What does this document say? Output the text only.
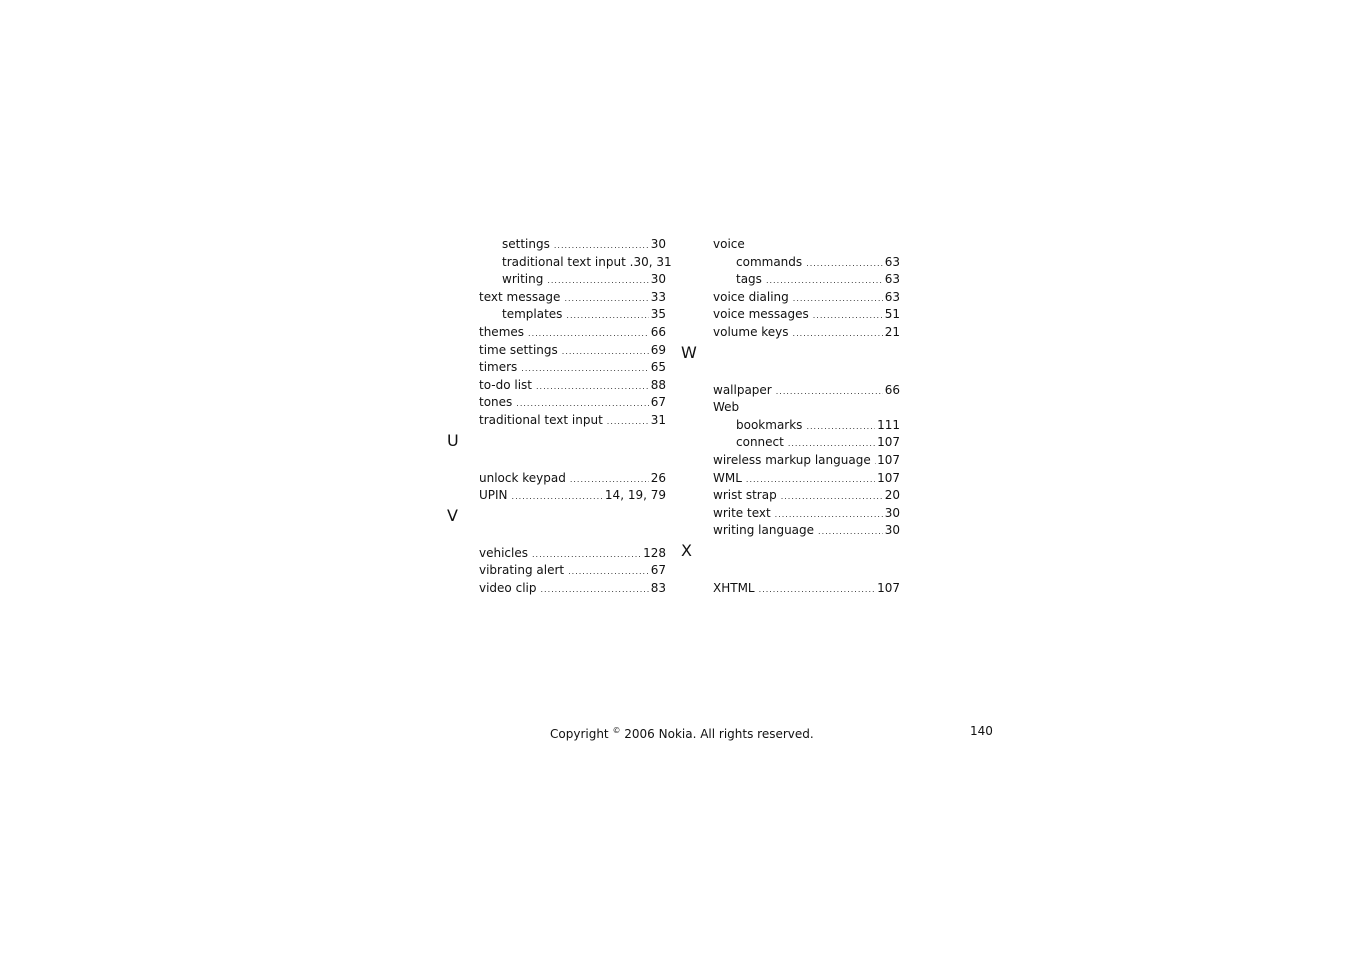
settings .....	30
traditional text input . 30, 31
writing .....	30
text message .....	33
templates .....	35
themes .....	66
time settings .....	69
timers .....	65
to-do list .....	88
tones .....	67
traditional text input .....	31
U
unlock keypad .....	26
UPIN .....	14, 19, 79
V
vehicles .....	128
vibrating alert .....	67
video clip .....	83
voice
commands .....	63
tags .....	63
voice dialing .....	63
voice messages .....	51
volume keys .....	21
W
wallpaper .....	66
Web
bookmarks .....	111
connect .....	107
wireless markup language ..... 107
WML .....	107
wrist strap .....	20
write text .....	30
writing language .....	30
X
XHTML .....	107
Copyright © 2006 Nokia. All rights reserved.	140
